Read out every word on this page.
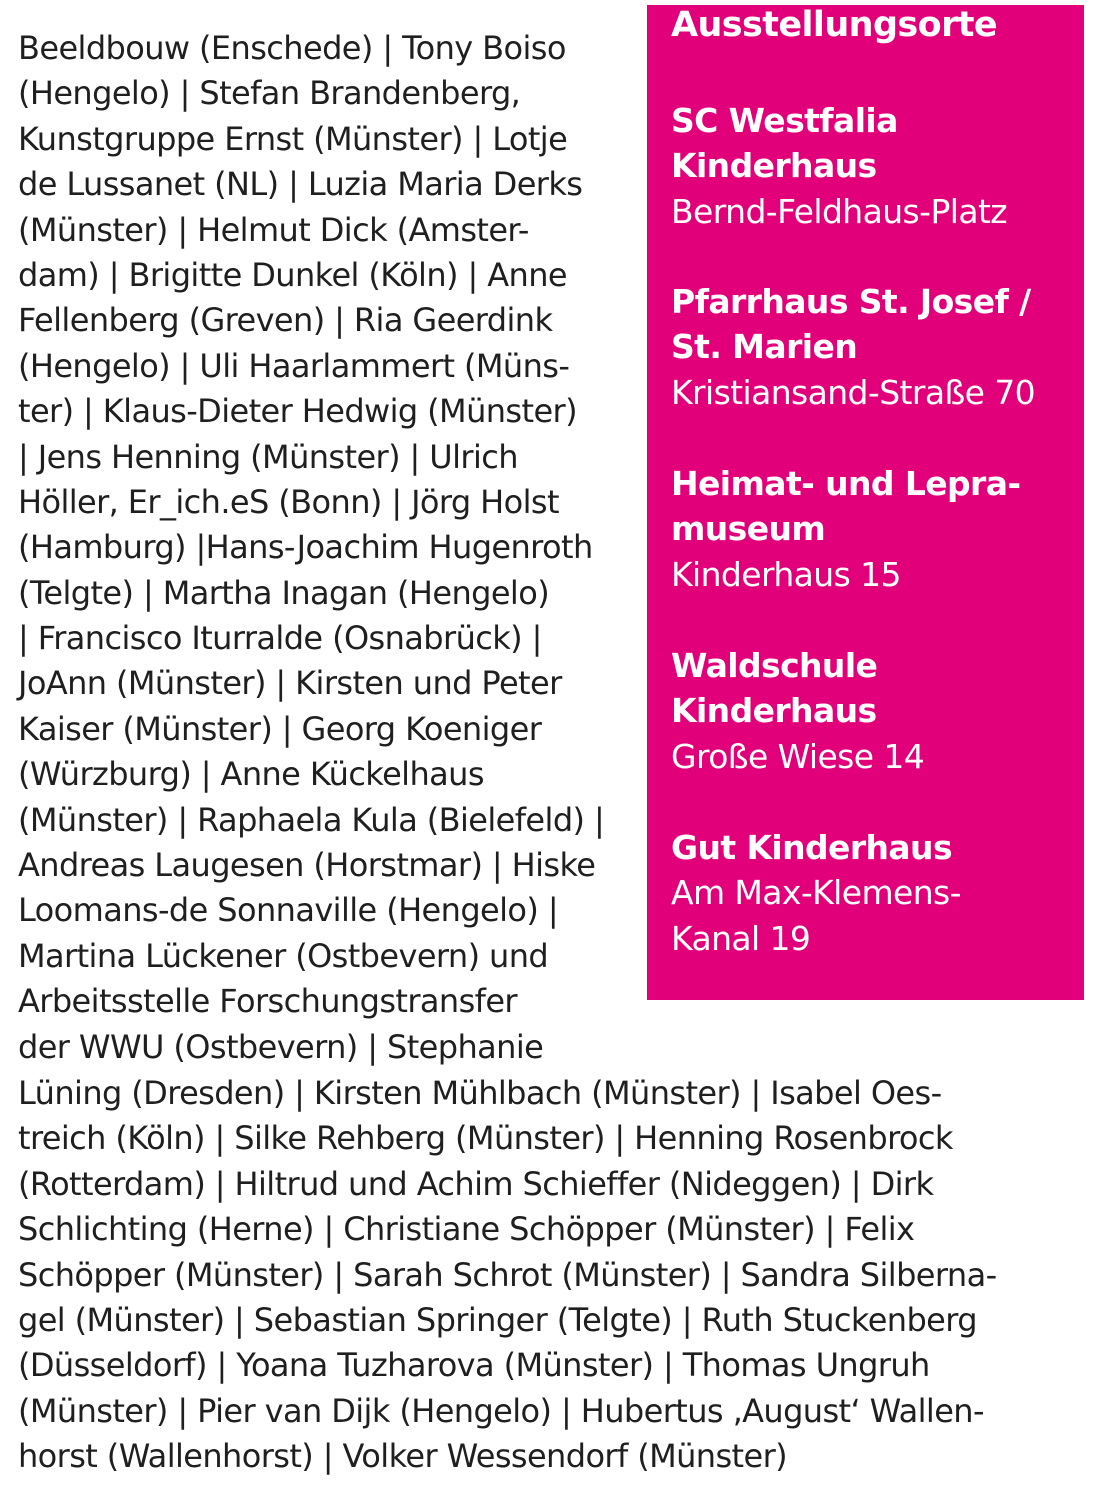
Beeldbouw (Enschede) | Tony Boiso
(Hengelo) | Stefan Brandenberg,
Kunstgruppe Ernst (Münster) | Lotje
de Lussanet (NL) | Luzia Maria Derks
(Münster) | Helmut Dick (Amster-
dam) | Brigitte Dunkel (Köln) | Anne
Fellenberg (Greven) | Ria Geerdink
(Hengelo) | Uli Haarlammert (Müns-
ter) | Klaus-Dieter Hedwig (Münster)
| Jens Henning (Münster) | Ulrich
Höller, Er_ich.eS (Bonn) | Jörg Holst
(Hamburg) |Hans-Joachim Hugenroth
(Telgte) | Martha Inagan (Hengelo)
| Francisco Iturralde (Osnabrück) |
JoAnn (Münster) | Kirsten und Peter
Kaiser (Münster) | Georg Koeniger
(Würzburg) | Anne Kückelhaus
(Münster) | Raphaela Kula (Bielefeld) |
Andreas Laugesen (Horstmar) | Hiske
Loomans-de Sonnaville (Hengelo) |
Martina Lückener (Ostbevern) und
Arbeitsstelle Forschungstransfer
der WWU (Ostbevern) | Stephanie
Lüning (Dresden) | Kirsten Mühlbach (Münster) | Isabel Oes-
treich (Köln) | Silke Rehberg (Münster) | Henning Rosenbrock
(Rotterdam) | Hiltrud und Achim Schieffer (Nideggen) | Dirk
Schlichting (Herne) | Christiane Schöpper (Münster) | Felix
Schöpper (Münster) | Sarah Schrot (Münster) | Sandra Silberna-
gel (Münster) | Sebastian Springer (Telgte) | Ruth Stuckenberg
(Düsseldorf) | Yoana Tuzharova (Münster) | Thomas Ungruh
(Münster) | Pier van Dijk (Hengelo) | Hubertus ‚August‘ Wallen-
horst (Wallenhorst) | Volker Wessendorf (Münster)
Ausstellungsorte
SC Westfalia
Kinderhaus
Bernd-Feldhaus-Platz
Pfarrhaus St. Josef /
St. Marien
Kristiansand-Straße 70
Heimat- und Lepra-
museum
Kinderhaus 15
Waldschule
Kinderhaus
Große Wiese 14
Gut Kinderhaus
Am Max-Klemens-
Kanal 19
